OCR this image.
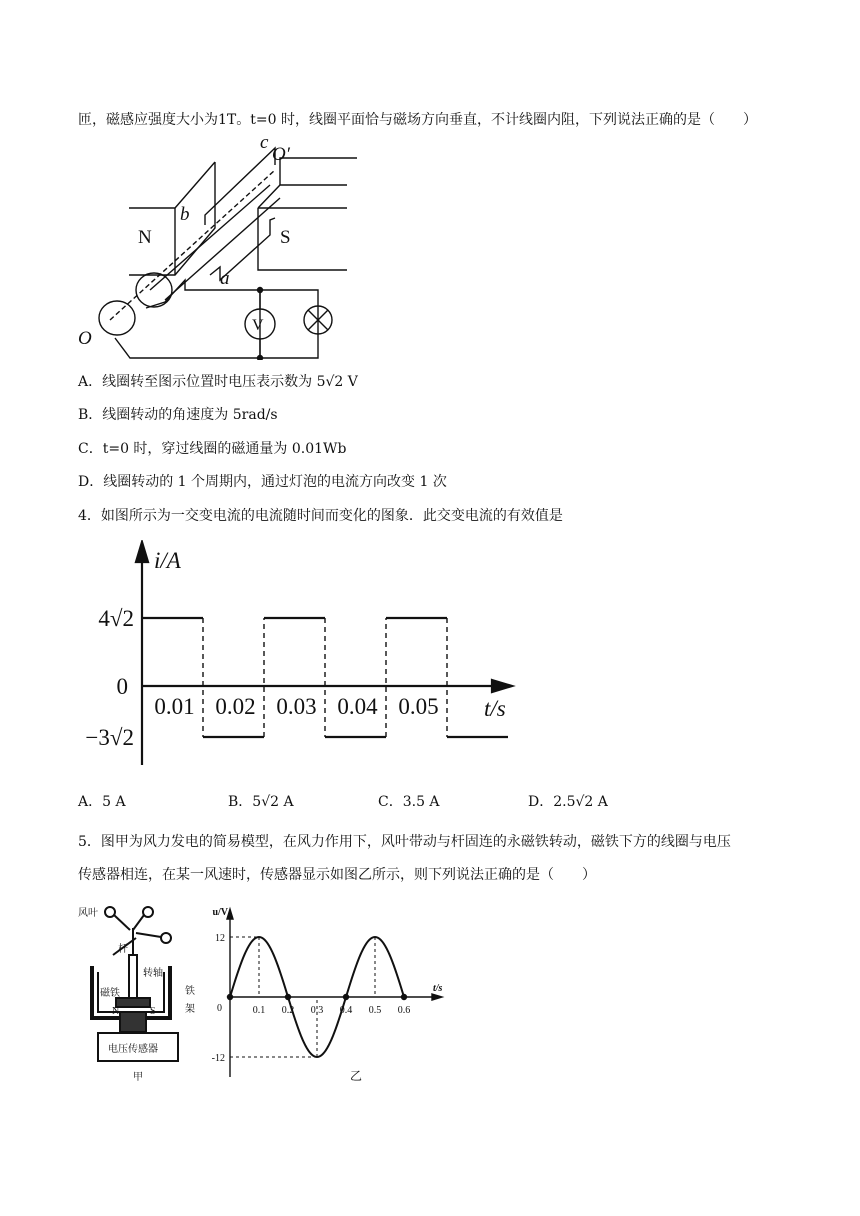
匝，磁感应强度大小为1T。t=0 时，线圈平面恰与磁场方向垂直，不计线圈内阻，下列说法正确的是（　　）
c
O′
b
N	S
a
V
O
A．线圈转至图示位置时电压表示数为 5√2 V
B．线圈转动的角速度为 5rad/s
C．t=0 时，穿过线圈的磁通量为 0.01Wb
D．线圈转动的 1 个周期内，通过灯泡的电流方向改变 1 次
4．如图所示为一交变电流的电流随时间而变化的图象．此交变电流的有效值是
0.01 0.02 0.03 0.04 0.05
4√2
0
−3√2
i/A
t/s
A．5 A	B．5√2 A	C．3.5 A	D．2.5√2 A
5．图甲为风力发电的简易模型，在风力作用下，风叶带动与杆固连的永磁铁转动，磁铁下方的线圈与电压
传感器相连，在某一风速时，传感器显示如图乙所示，则下列说法正确的是（　　）
风叶
杆
转轴
磁铁	铁
架
N	S
电压传感器
甲
0.1 0.2 0.3 0.4 0.5 0.6
12
0
-12
u/V
t/s
乙
